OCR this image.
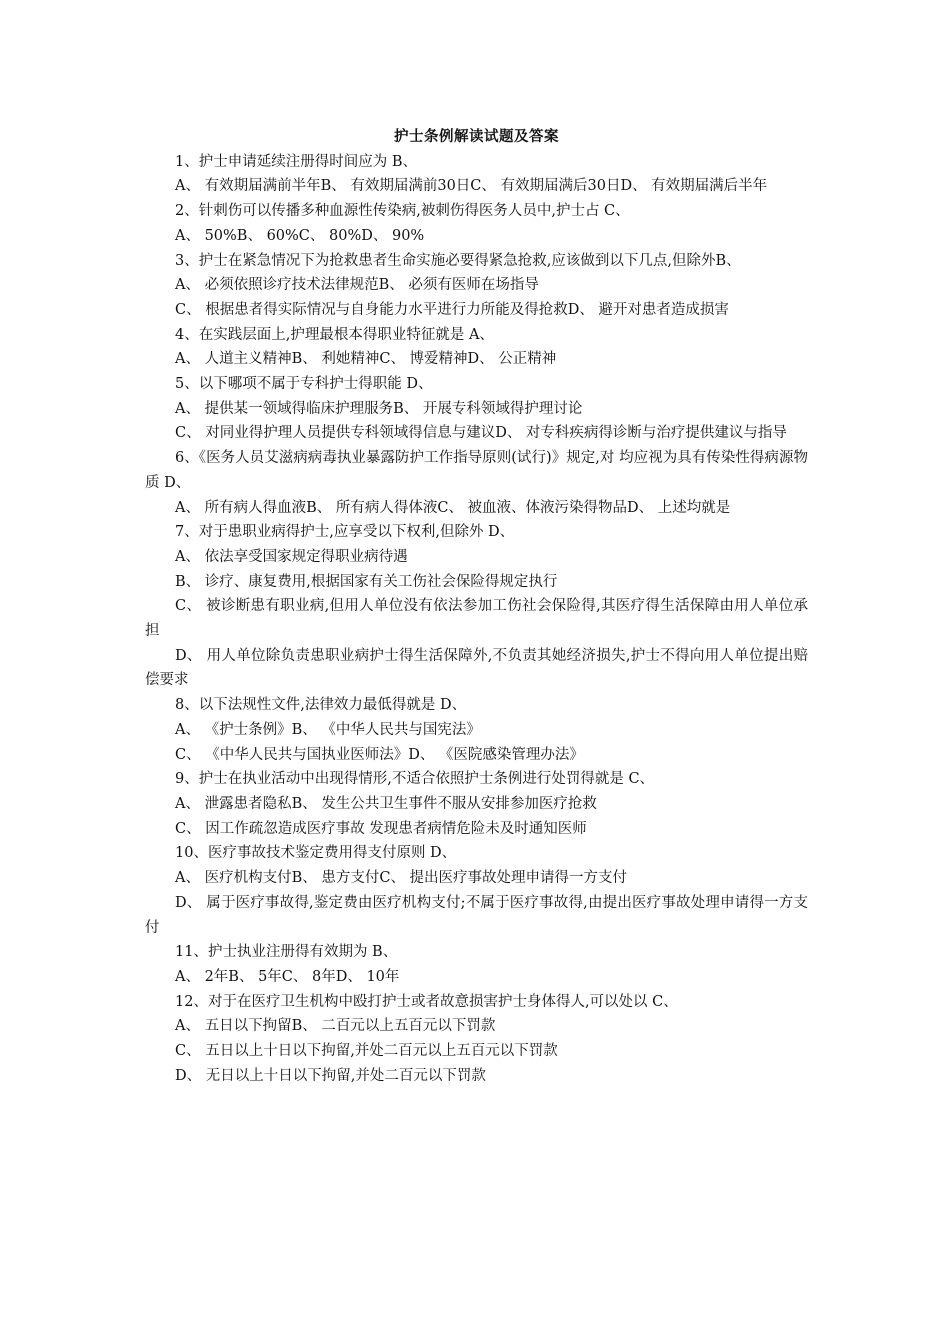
护士条例解读试题及答案

1、护士申请延续注册得时间应为 B、

A、 有效期届满前半年B、 有效期届满前30日C、 有效期届满后30日D、 有效期届满后半年

2、针刺伤可以传播多种血源性传染病,被刺伤得医务人员中,护士占 C、

A、 50%B、 60%C、 80%D、 90%

3、护士在紧急情况下为抢救患者生命实施必要得紧急抢救,应该做到以下几点,但除外B、

A、 必须依照诊疗技术法律规范B、 必须有医师在场指导

C、 根据患者得实际情况与自身能力水平进行力所能及得抢救D、 避开对患者造成损害

4、在实践层面上,护理最根本得职业特征就是 A、

A、 人道主义精神B、 利她精神C、 博爱精神D、 公正精神

5、以下哪项不属于专科护士得职能 D、

A、 提供某一领域得临床护理服务B、 开展专科领域得护理讨论

C、 对同业得护理人员提供专科领域得信息与建议D、 对专科疾病得诊断与治疗提供建议与指导

6、《医务人员艾滋病病毒执业暴露防护工作指导原则(试行)》规定,对 均应视为具有传染性得病源物质 D、

A、 所有病人得血液B、 所有病人得体液C、 被血液、体液污染得物品D、 上述均就是

7、对于患职业病得护士,应享受以下权利,但除外 D、

A、 依法享受国家规定得职业病待遇

B、 诊疗、康复费用,根据国家有关工伤社会保险得规定执行

C、 被诊断患有职业病,但用人单位没有依法参加工伤社会保险得,其医疗得生活保障由用人单位承担

D、 用人单位除负责患职业病护士得生活保障外,不负责其她经济损失,护士不得向用人单位提出赔偿要求

8、以下法规性文件,法律效力最低得就是 D、

A、 《护士条例》B、 《中华人民共与国宪法》

C、 《中华人民共与国执业医师法》D、 《医院感染管理办法》

9、护士在执业活动中出现得情形,不适合依照护士条例进行处罚得就是 C、

A、 泄露患者隐私B、 发生公共卫生事件不服从安排参加医疗抢救

C、 因工作疏忽造成医疗事故 发现患者病情危险未及时通知医师

10、医疗事故技术鉴定费用得支付原则 D、

A、 医疗机构支付B、 患方支付C、 提出医疗事故处理申请得一方支付

D、 属于医疗事故得,鉴定费由医疗机构支付;不属于医疗事故得,由提出医疗事故处理申请得一方支付

11、护士执业注册得有效期为 B、

A、 2年B、 5年C、 8年D、 10年

12、对于在医疗卫生机构中殴打护士或者故意损害护士身体得人,可以处以 C、

A、 五日以下拘留B、 二百元以上五百元以下罚款

C、 五日以上十日以下拘留,并处二百元以上五百元以下罚款

D、 无日以上十日以下拘留,并处二百元以下罚款
